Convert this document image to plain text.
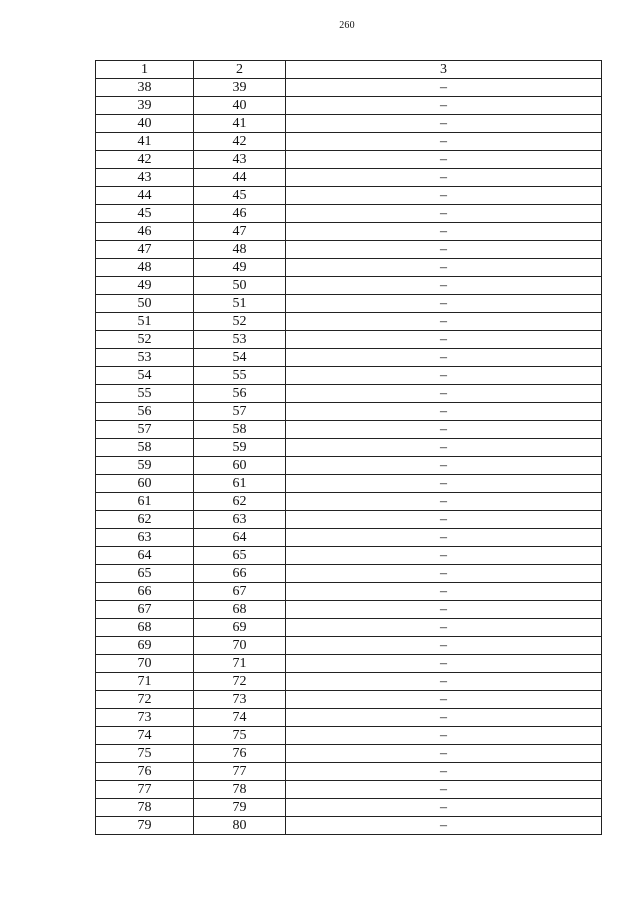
260
1	2	3
38	39	–
39	40	–
40	41	–
41	42	–
42	43	–
43	44	–
44	45	–
45	46	–
46	47	–
47	48	–
48	49	–
49	50	–
50	51	–
51	52	–
52	53	–
53	54	–
54	55	–
55	56	–
56	57	–
57	58	–
58	59	–
59	60	–
60	61	–
61	62	–
62	63	–
63	64	–
64	65	–
65	66	–
66	67	–
67	68	–
68	69	–
69	70	–
70	71	–
71	72	–
72	73	–
73	74	–
74	75	–
75	76	–
76	77	–
77	78	–
78	79	–
79	80	–
